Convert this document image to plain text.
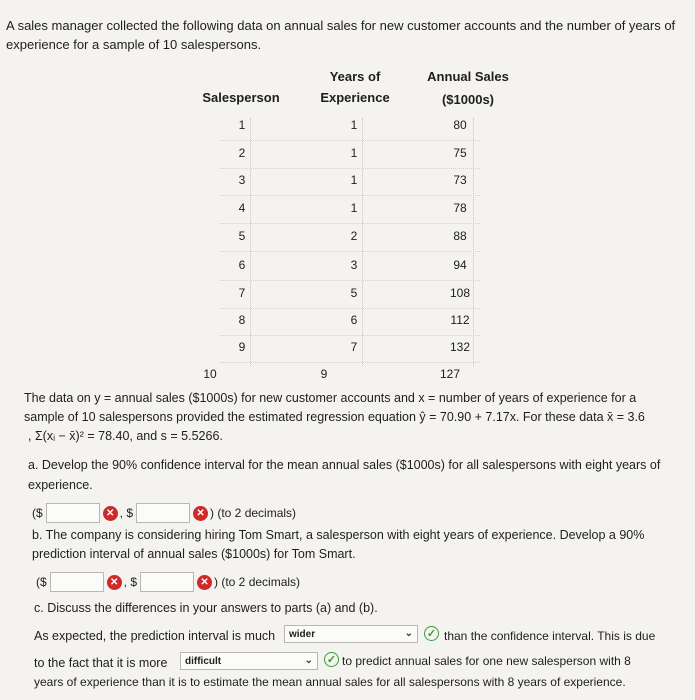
A sales manager collected the following data on annual sales for new customer accounts and the number of years of experience for a sample of 10 salespersons.
Salesperson
Years of
Experience
Annual Sales
($1000s)
1	1	80
2	1	75
3	1	73
4	1	78
5	2	88
6	3	94
7	5	108
8	6	112
9	7	132
10	9	127
The data on y = annual sales ($1000s) for new customer accounts and x = number of years of experience for a
sample of 10 salespersons provided the estimated regression equation ŷ = 70.90 + 7.17x. For these data x̄ = 3.6
, Σ(xᵢ − x̄)² = 78.40, and s = 5.5266.
a. Develop the 90% confidence interval for the mean annual sales ($1000s) for all salespersons with eight years of
experience.
($	✕ , $	✕ ) (to 2 decimals)
b. The company is considering hiring Tom Smart, a salesperson with eight years of experience. Develop a 90%
prediction interval of annual sales ($1000s) for Tom Smart.
($	✕ , $	✕ ) (to 2 decimals)
c. Discuss the differences in your answers to parts (a) and (b).
As expected, the prediction interval is much wider	⌄ ✓ than the confidence interval. This is due
to the fact that it is more difficult	⌄ ✓ to predict annual sales for one new salesperson with 8
years of experience than it is to estimate the mean annual sales for all salespersons with 8 years of experience.
